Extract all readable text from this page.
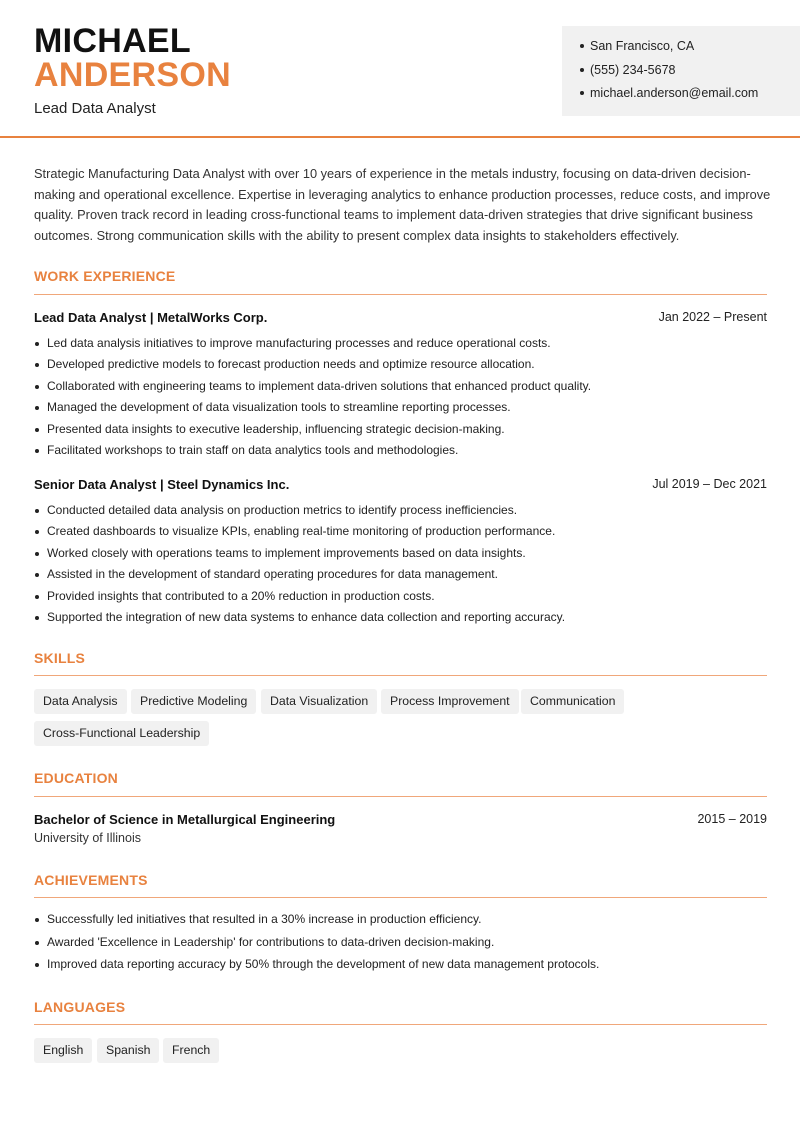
MICHAEL
ANDERSON
Lead Data Analyst
San Francisco, CA
(555) 234-5678
michael.anderson@email.com

Strategic Manufacturing Data Analyst with over 10 years of experience in the metals industry, focusing on data-driven decision-making and operational excellence. Expertise in leveraging analytics to enhance production processes, reduce costs, and improve quality. Proven track record in leading cross-functional teams to implement data-driven strategies that drive significant business outcomes. Strong communication skills with the ability to present complex data insights to stakeholders effectively.

WORK EXPERIENCE
Lead Data Analyst | MetalWorks Corp.	Jan 2022 – Present
Led data analysis initiatives to improve manufacturing processes and reduce operational costs.
Developed predictive models to forecast production needs and optimize resource allocation.
Collaborated with engineering teams to implement data-driven solutions that enhanced product quality.
Managed the development of data visualization tools to streamline reporting processes.
Presented data insights to executive leadership, influencing strategic decision-making.
Facilitated workshops to train staff on data analytics tools and methodologies.
Senior Data Analyst | Steel Dynamics Inc.	Jul 2019 – Dec 2021
Conducted detailed data analysis on production metrics to identify process inefficiencies.
Created dashboards to visualize KPIs, enabling real-time monitoring of production performance.
Worked closely with operations teams to implement improvements based on data insights.
Assisted in the development of standard operating procedures for data management.
Provided insights that contributed to a 20% reduction in production costs.
Supported the integration of new data systems to enhance data collection and reporting accuracy.
SKILLS
Data Analysis	Predictive Modeling	Data Visualization	Process Improvement	Communication
Cross-Functional Leadership
EDUCATION
Bachelor of Science in Metallurgical Engineering	2015 – 2019
University of Illinois
ACHIEVEMENTS
Successfully led initiatives that resulted in a 30% increase in production efficiency.
Awarded 'Excellence in Leadership' for contributions to data-driven decision-making.
Improved data reporting accuracy by 50% through the development of new data management protocols.
LANGUAGES
English	Spanish	French
